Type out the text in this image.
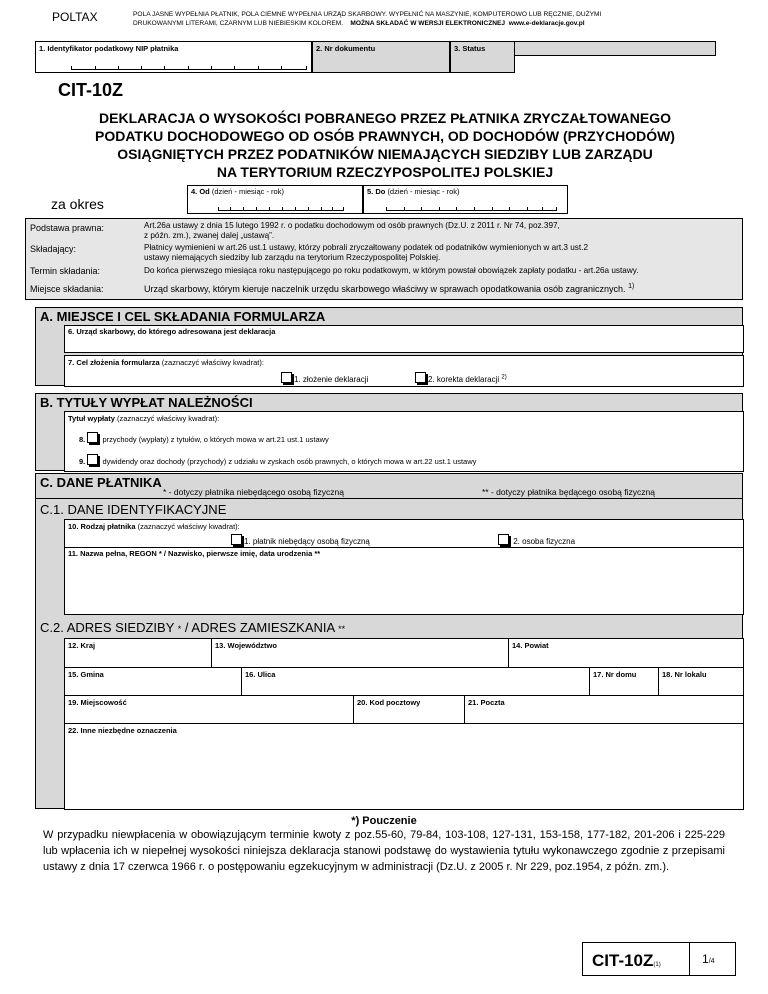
POLTAX	POLA JASNE WYPEŁNIA PŁATNIK, POLA CIEMNE WYPEŁNIA URZĄD SKARBOWY. WYPEŁNIĆ NA MASZYNIE, KOMPUTEROWO LUB RĘCZNIE, DUŻYMI
DRUKOWANYMI LITERAMI, CZARNYM LUB NIEBIESKIM KOLOREM. MOŻNA SKŁADAĆ W WERSJI ELEKTRONICZNEJ www.e-deklaracje.gov.pl
1. Identyfikator podatkowy NIP płatnika	2. Nr dokumentu	3. Status
CIT-10Z
DEKLARACJA O WYSOKOŚCI POBRANEGO PRZEZ PŁATNIKA ZRYCZAŁTOWANEGO
PODATKU DOCHODOWEGO OD OSÓB PRAWNYCH, OD DOCHODÓW (PRZYCHODÓW)
OSIĄGNIĘTYCH PRZEZ PODATNIKÓW NIEMAJĄCYCH SIEDZIBY LUB ZARZĄDU
NA TERYTORIUM RZECZYPOSPOLITEJ POLSKIEJ
za okres
4. Od (dzień - miesiąc - rok)	5. Do (dzień - miesiąc - rok)
Podstawa prawna:	Art.26a ustawy z dnia 15 lutego 1992 r. o podatku dochodowym od osób prawnych (Dz.U. z 2011 r. Nr 74, poz.397,
z późn. zm.), zwanej dalej „ustawą”.
Składający:	Płatnicy wymienieni w art.26 ust.1 ustawy, którzy pobrali zryczałtowany podatek od podatników wymienionych w art.3 ust.2
ustawy niemających siedziby lub zarządu na terytorium Rzeczypospolitej Polskiej.
Termin składania:	Do końca pierwszego miesiąca roku następującego po roku podatkowym, w którym powstał obowiązek zapłaty podatku - art.26a ustawy.
Miejsce składania:	Urząd skarbowy, którym kieruje naczelnik urzędu skarbowego właściwy w sprawach opodatkowania osób zagranicznych. $^{1)}$
A. MIEJSCE I CEL SKŁADANIA FORMULARZA
6. Urząd skarbowy, do którego adresowana jest deklaracja
7. Cel złożenia formularza (zaznaczyć właściwy kwadrat):
1. złożenie deklaracji	2. korekta deklaracji $^{2)}$
B. TYTUŁY WYPŁAT NALEŻNOŚCI
Tytuł wypłaty (zaznaczyć właściwy kwadrat):
8. przychody (wypłaty) z tytułów, o których mowa w art.21 ust.1 ustawy
9. dywidendy oraz dochody (przychody) z udziału w zyskach osób prawnych, o których mowa w art.22 ust.1 ustawy
C. DANE PŁATNIKA
* - dotyczy płatnika niebędącego osobą fizyczną	** - dotyczy płatnika będącego osobą fizyczną
C.1. DANE IDENTYFIKACYJNE
10. Rodzaj płatnika (zaznaczyć właściwy kwadrat):
1. płatnik niebędący osobą fizyczną	2. osoba fizyczna
11. Nazwa pełna, REGON * / Nazwisko, pierwsze imię, data urodzenia **
C.2. ADRES SIEDZIBY * / ADRES ZAMIESZKANIA **
12. Kraj	13. Województwo	14. Powiat
15. Gmina	16. Ulica	17. Nr domu	18. Nr lokalu
19. Miejscowość	20. Kod pocztowy	21. Poczta
22. Inne niezbędne oznaczenia
*) Pouczenie
W przypadku niewpłacenia w obowiązującym terminie kwoty z poz.55-60, 79-84, 103-108, 127-131, 153-158, 177-182, 201-206 i 225-229 lub wpłacenia ich w niepełnej wysokości niniejsza deklaracja stanowi podstawę do wystawienia tytułu wykonawczego zgodnie z przepisami ustawy z dnia 17 czerwca 1966 r. o postępowaniu egzekucyjnym w administracji (Dz.U. z 2005 r. Nr 229, poz.1954, z późn. zm.).
CIT-10Z(1)	1/4
